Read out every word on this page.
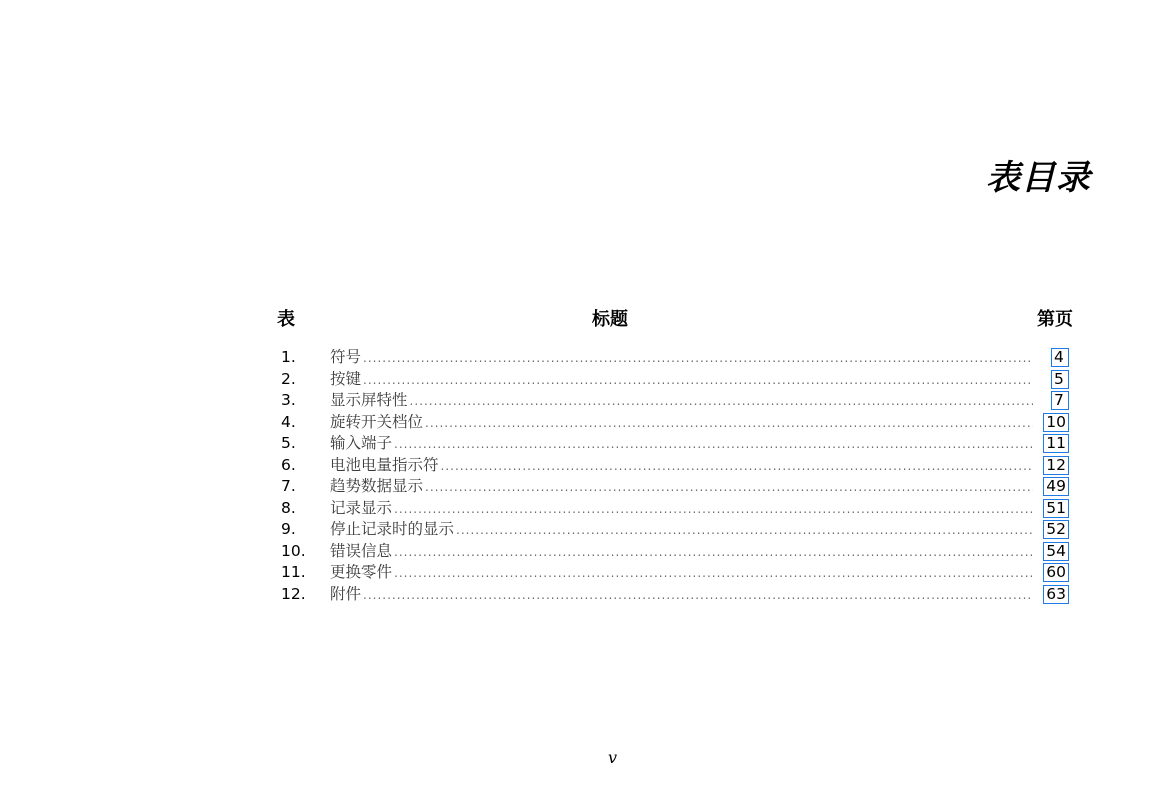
表目录
表	标题	第页
1.	符号 .....	4
2.	按键 .....	5
3.	显示屏特性 .....	7
4.	旋转开关档位 .....	10
5.	输入端子 .....	11
6.	电池电量指示符 .....	12
7.	趋势数据显示 .....	49
8.	记录显示 .....	51
9.	停止记录时的显示 .....	52
10.	错误信息 .....	54
11.	更换零件 .....	60
12.	附件 .....	63
v
